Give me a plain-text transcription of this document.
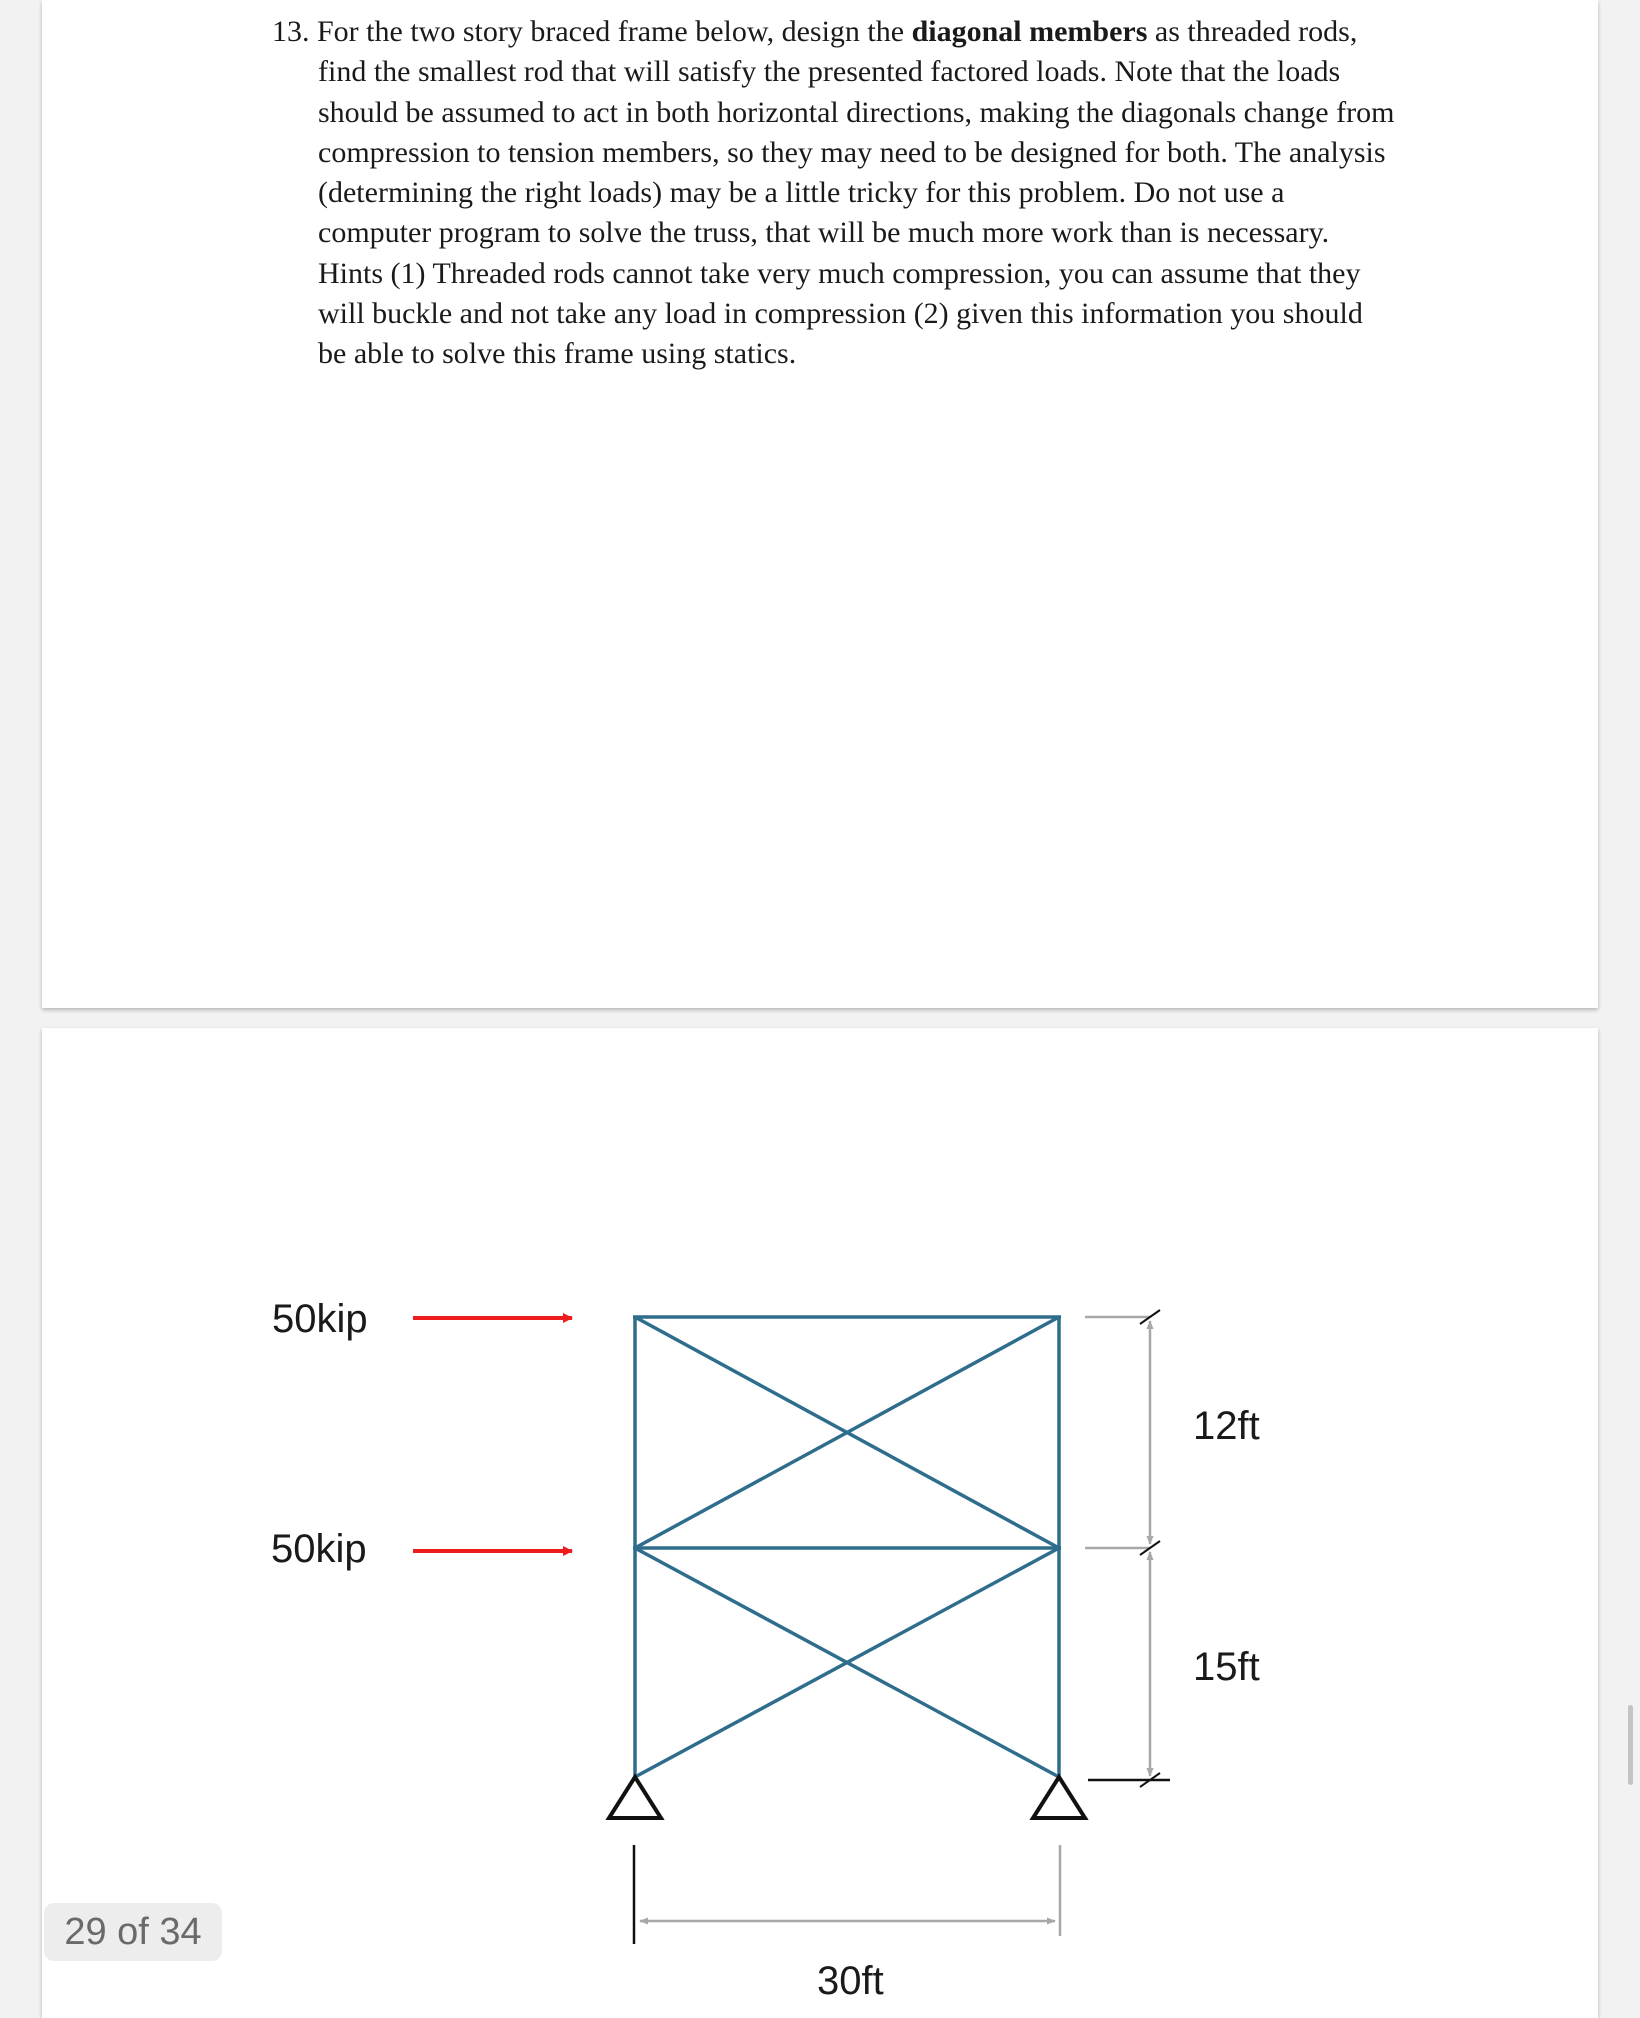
13. For the two story braced frame below, design the diagonal members as threaded rods,

find the smallest rod that will satisfy the presented factored loads. Note that the loads

should be assumed to act in both horizontal directions, making the diagonals change from

compression to tension members, so they may need to be designed for both. The analysis

(determining the right loads) may be a little tricky for this problem. Do not use a

computer program to solve the truss, that will be much more work than is necessary.

Hints (1) Threaded rods cannot take very much compression, you can assume that they

will buckle and not take any load in compression (2) given this information you should

be able to solve this frame using statics.

50kip
50kip
12ft
15ft
30ft
29 of 34
